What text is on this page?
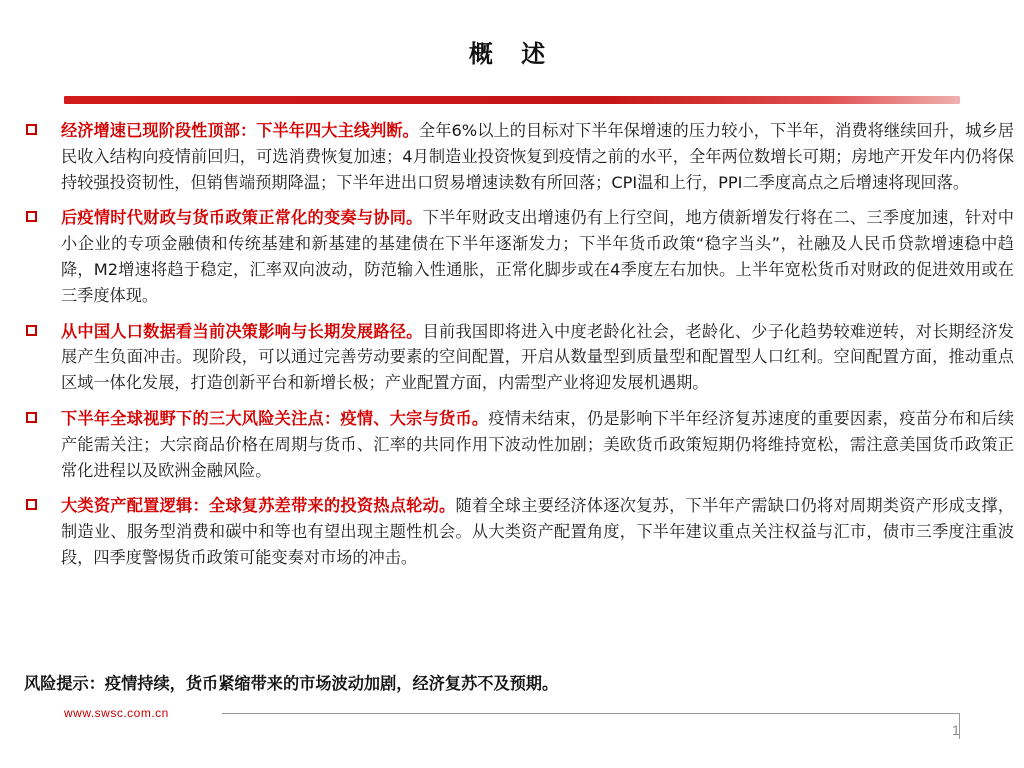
概 述
经济增速已现阶段性顶部：下半年四大主线判断。全年6%以上的目标对下半年保增速的压力较小，下半年，消费将继续回升，城乡居民收入结构向疫情前回归，可选消费恢复加速；4月制造业投资恢复到疫情之前的水平，全年两位数增长可期；房地产开发年内仍将保持较强投资韧性，但销售端预期降温；下半年进出口贸易增速读数有所回落；CPI温和上行，PPI二季度高点之后增速将现回落。
后疫情时代财政与货币政策正常化的变奏与协同。下半年财政支出增速仍有上行空间，地方债新增发行将在二、三季度加速，针对中小企业的专项金融债和传统基建和新基建的基建债在下半年逐渐发力；下半年货币政策“稳字当头”，社融及人民币贷款增速稳中趋降，M2增速将趋于稳定，汇率双向波动，防范输入性通胀，正常化脚步或在4季度左右加快。上半年宽松货币对财政的促进效用或在三季度体现。
从中国人口数据看当前决策影响与长期发展路径。目前我国即将进入中度老龄化社会，老龄化、少子化趋势较难逆转，对长期经济发展产生负面冲击。现阶段，可以通过完善劳动要素的空间配置，开启从数量型到质量型和配置型人口红利。空间配置方面，推动重点区域一体化发展，打造创新平台和新增长极；产业配置方面，内需型产业将迎发展机遇期。
下半年全球视野下的三大风险关注点：疫情、大宗与货币。疫情未结束，仍是影响下半年经济复苏速度的重要因素，疫苗分布和后续产能需关注；大宗商品价格在周期与货币、汇率的共同作用下波动性加剧；美欧货币政策短期仍将维持宽松，需注意美国货币政策正常化进程以及欧洲金融风险。
大类资产配置逻辑：全球复苏差带来的投资热点轮动。随着全球主要经济体逐次复苏，下半年产需缺口仍将对周期类资产形成支撑，制造业、服务型消费和碳中和等也有望出现主题性机会。从大类资产配置角度，下半年建议重点关注权益与汇市，债市三季度注重波段，四季度警惕货币政策可能变奏对市场的冲击。
风险提示：疫情持续，货币紧缩带来的市场波动加剧，经济复苏不及预期。
www.swsc.com.cn
1
